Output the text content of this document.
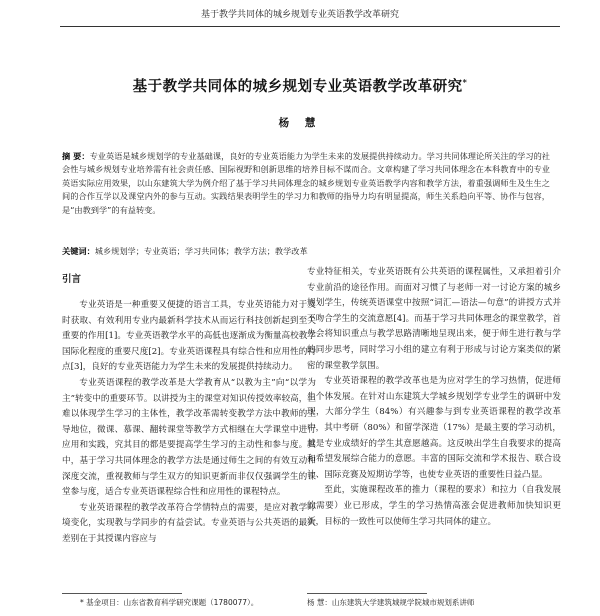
基于教学共同体的城乡规划专业英语教学改革研究
基于教学共同体的城乡规划专业英语教学改革研究*
杨 慧
摘 要：专业英语是城乡规划学的专业基础课，良好的专业英语能力为学生未来的发展提供持续动力。学习共同体理论所关注的学习的社会性与城乡规划专业培养需有社会责任感、国际视野和创新思维的培养目标不谋而合。文章构建了学习共同体理念在本科教育中的专业英语实际应用效果，以山东建筑大学为例介绍了基于学习共同体理念的城乡规划专业英语教学内容和教学方法，着重强调师生及生生之间的合作互学以及课堂内外的参与互动。实践结果表明学生的学习力和教师的指导力均有明显提高，师生关系趋向平等、协作与包容，是“由教到学”的有益转变。
关键词：城乡规划学；专业英语；学习共同体；教学方法；教学改革
引言

专业英语是一种重要又便捷的语言工具，专业英语能力对于及时获取、有效利用专业内最新科学技术从而运行科技创新起到至关重要的作用[1]。专业英语教学水平的高低也逐渐成为衡量高校教学国际化程度的重要尺度[2]。专业英语课程具有综合性和应用性的特点[3]，良好的专业英语能力为学生未来的发展提供持续动力。

专业英语课程的教学改革是大学教育从“以教为主”向“以学为主”转变中的重要环节。以讲授为主的课堂对知识传授效率较高，但难以体现学生学习的主体性，教学改革需转变教学方法中教师的主导地位，微课、慕课、翻转课堂等教学方式相继在大学课堂中进行应用和实践，究其目的都是要提高学生学习的主动性和参与度。其中，基于学习共同体理念的教学方法是通过师生之间的有效互动和深度交流，重视教师与学生双方的知识更新而非仅仅强调学生的课堂参与度，适合专业英语课程综合性和应用性的课程特点。

专业英语课程的教学改革符合学情特点的需要，是应对教学环境变化，实现教与学同步的有益尝试。专业英语与公共英语的最大差别在于其授课内容应与

专业特征相关，专业英语既有公共英语的课程属性，又承担着引介专业前沿的途径作用。而面对习惯了与老师一对一讨论方案的城乡规划学生，传统英语课堂中按照“词汇—语法—句意”的讲授方式并不吻合学生的交流意愿[4]。而基于学习共同体理念的课堂教学，首先会将知识重点与教学思路清晰地呈现出来，便于师生进行教与学的同步思考，同时学习小组的建立有利于形成与讨论方案类似的紧密的课堂教学氛围。

专业英语课程的教学改革也是为应对学生的学习热情，促进师生个体发展。在针对山东建筑大学城乡规划学专业学生的调研中发现，大部分学生（84%）有兴趣参与到专业英语课程的教学改革中，其中考研（80%）和留学深造（17%）是最主要的学习动机，越是专业成绩好的学生其意愿越高。这反映出学生自我要求的提高和希望发展综合能力的意愿。丰富的国际交流和学术报告、联合设计、国际竞赛及短期访学等，也使专业英语的重要性日益凸显。

至此，实施课程改革的推力（课程的要求）和拉力（自我发展的需要）业已形成，学生的学习热情高涨会促进教师加快知识更新，目标的一致性可以使师生学习共同体的建立。

* 基金项目：山东省教育科学研究课题（1780077）。	杨 慧：山东建筑大学建筑城规学院城市规划系讲师
